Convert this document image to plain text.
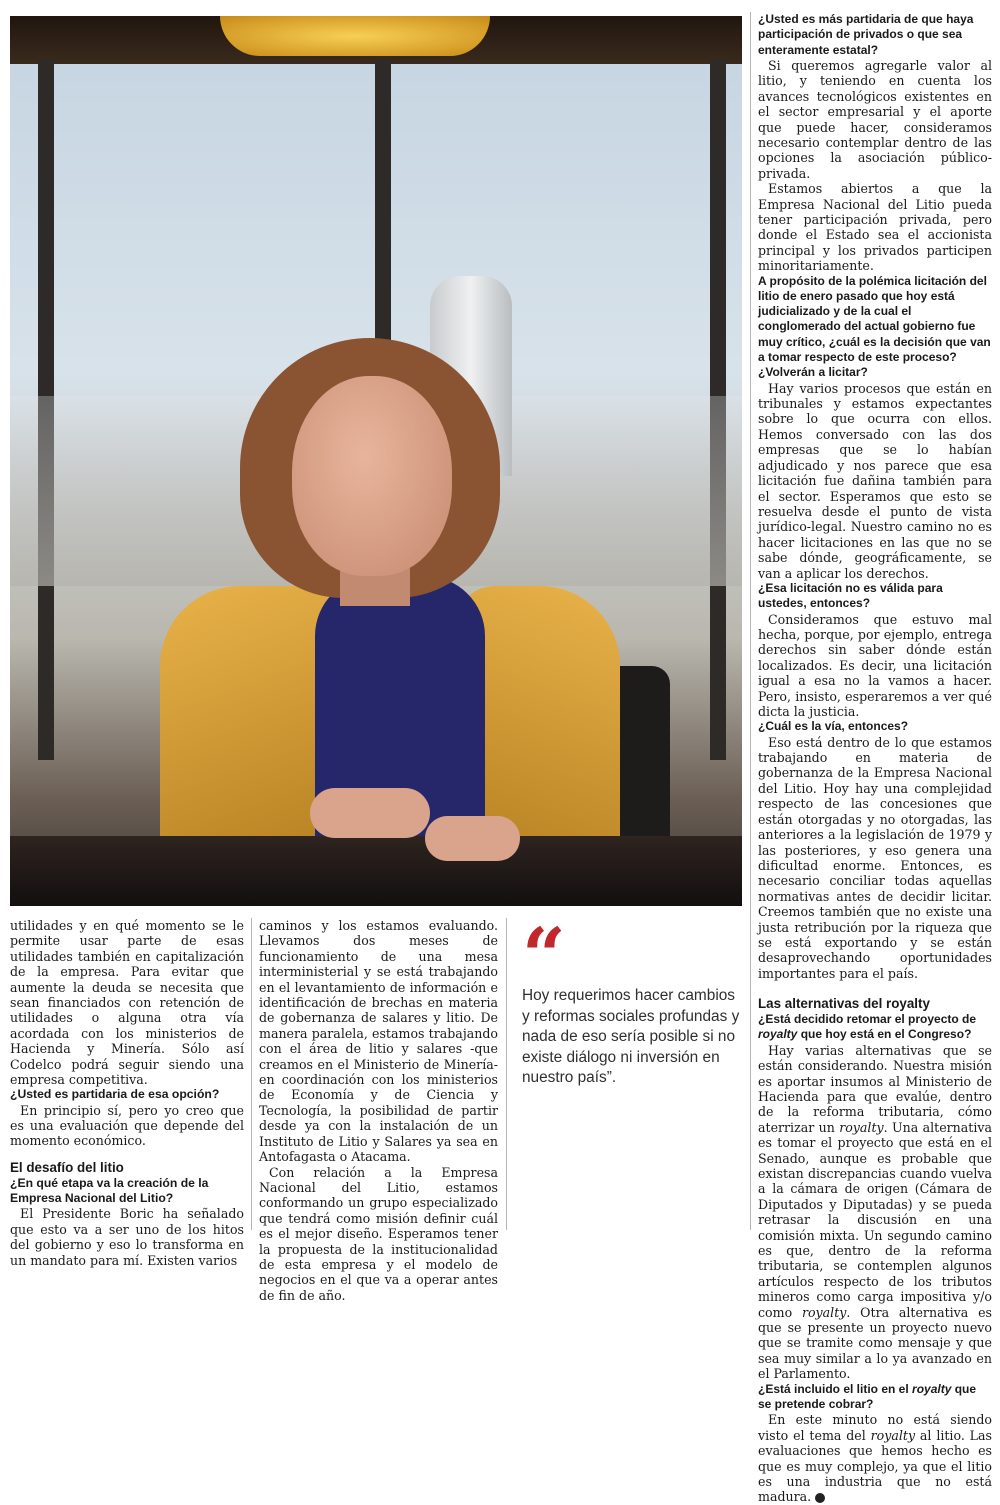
utilidades y en qué momento se le permite usar parte de esas utilidades también en capitalización de la empresa. Para evitar que aumente la deuda se necesita que sean financiados con retención de utilidades o alguna otra vía acordada con los ministerios de Hacienda y Minería. Sólo así Codelco podrá seguir siendo una empresa competitiva.

¿Usted es partidaria de esa opción?

En principio sí, pero yo creo que es una evaluación que depende del momento económico.

El desafío del litio
¿En qué etapa va la creación de la Empresa Nacional del Litio?

El Presidente Boric ha señalado que esto va a ser uno de los hitos del gobierno y eso lo transforma en un mandato para mí. Existen varios

caminos y los estamos evaluando. Llevamos dos meses de funcionamiento de una mesa interministerial y se está trabajando en el levantamiento de información e identificación de brechas en materia de gobernanza de salares y litio. De manera paralela, estamos trabajando con el área de litio y salares -que creamos en el Ministerio de Minería- en coordinación con los ministerios de Economía y de Ciencia y Tecnología, la posibilidad de partir desde ya con la instalación de un Instituto de Litio y Salares ya sea en Antofagasta o Atacama.

Con relación a la Empresa Nacional del Litio, estamos conformando un grupo especializado que tendrá como misión definir cuál es el mejor diseño. Esperamos tener la propuesta de la institucionalidad de esta empresa y el modelo de negocios en el que va a operar antes de fin de año.

“
Hoy requerimos hacer cambios y reformas sociales profundas y nada de eso sería posible si no existe diálogo ni inversión en nuestro país”.
¿Usted es más partidaria de que haya participación de privados o que sea enteramente estatal?

Si queremos agregarle valor al litio, y teniendo en cuenta los avances tecnológicos existentes en el sector empresarial y el aporte que puede hacer, consideramos necesario contemplar dentro de las opciones la asociación público-privada.

Estamos abiertos a que la Empresa Nacional del Litio pueda tener participación privada, pero donde el Estado sea el accionista principal y los privados participen minoritariamente.

A propósito de la polémica licitación del litio de enero pasado que hoy está judicializado y de la cual el conglomerado del actual gobierno fue muy crítico, ¿cuál es la decisión que van a tomar respecto de este proceso? ¿Volverán a licitar?

Hay varios procesos que están en tribunales y estamos expectantes sobre lo que ocurra con ellos. Hemos conversado con las dos empresas que se lo habían adjudicado y nos parece que esa licitación fue dañina también para el sector. Esperamos que esto se resuelva desde el punto de vista jurídico-legal. Nuestro camino no es hacer licitaciones en las que no se sabe dónde, geográficamente, se van a aplicar los derechos.

¿Esa licitación no es válida para ustedes, entonces?

Consideramos que estuvo mal hecha, porque, por ejemplo, entrega derechos sin saber dónde están localizados. Es decir, una licitación igual a esa no la vamos a hacer. Pero, insisto, esperaremos a ver qué dicta la justicia.

¿Cuál es la vía, entonces?

Eso está dentro de lo que estamos trabajando en materia de gobernanza de la Empresa Nacional del Litio. Hoy hay una complejidad respecto de las concesiones que están otorgadas y no otorgadas, las anteriores a la legislación de 1979 y las posteriores, y eso genera una dificultad enorme. Entonces, es necesario conciliar todas aquellas normativas antes de decidir licitar. Creemos también que no existe una justa retribución por la riqueza que se está exportando y se están desaprovechando oportunidades importantes para el país.

Las alternativas del royalty
¿Está decidido retomar el proyecto de royalty que hoy está en el Congreso?

Hay varias alternativas que se están considerando. Nuestra misión es aportar insumos al Ministerio de Hacienda para que evalúe, dentro de la reforma tributaria, cómo aterrizar un royalty. Una alternativa es tomar el proyecto que está en el Senado, aunque es probable que existan discrepancias cuando vuelva a la cámara de origen (Cámara de Diputados y Diputadas) y se pueda retrasar la discusión en una comisión mixta. Un segundo camino es que, dentro de la reforma tributaria, se contemplen algunos artículos respecto de los tributos mineros como carga impositiva y/o como royalty. Otra alternativa es que se presente un proyecto nuevo que se tramite como mensaje y que sea muy similar a lo ya avanzado en el Parlamento.

¿Está incluido el litio en el royalty que se pretende cobrar?

En este minuto no está siendo visto el tema del royalty al litio. Las evaluaciones que hemos hecho es que es muy complejo, ya que el litio es una industria que no está madura. P
